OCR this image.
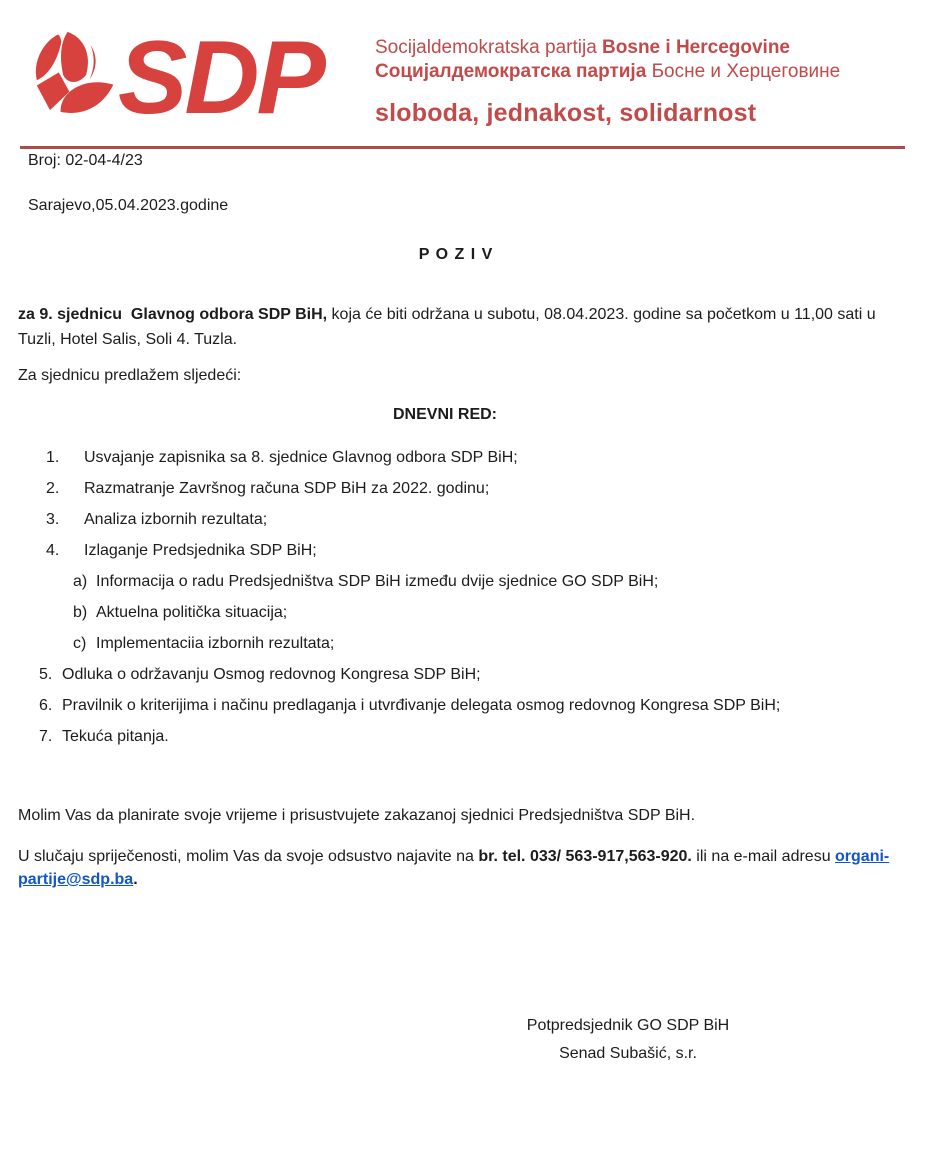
SDP	Socijaldemokratska partija Bosne i Hercegovine
Социјалдемократска партија Босне и Херцеговине
sloboda, jednakost, solidarnost

Broj: 02-04-4/23

Sarajevo,05.04.2023.godine

P O Z I V

za 9. sjednicu  Glavnog odbora SDP BiH, koja će biti održana u subotu, 08.04.2023. godine sa početkom u 11,00 sati u Tuzli, Hotel Salis, Soli 4. Tuzla.

Za sjednicu predlažem sljedeći:

DNEVNI RED:
1.	Usvajanje zapisnika sa 8. sjednice Glavnog odbora SDP BiH;
2.	Razmatranje Završnog računa SDP BiH za 2022. godinu;
3.	Analiza izbornih rezultata;
4.	Izlaganje Predsjednika SDP BiH;
a) Informacija o radu Predsjedništva SDP BiH između dvije sjednice GO SDP BiH;
b) Aktuelna politička situacija;
c) Implementaciia izbornih rezultata;
5. Odluka o održavanju Osmog redovnog Kongresa SDP BiH;
6. Pravilnik o kriterijima i načinu predlaganja i utvrđivanje delegata osmog redovnog Kongresa SDP BiH;
7. Tekuća pitanja.

Molim Vas da planirate svoje vrijeme i prisustvujete zakazanoj sjednici Predsjedništva SDP BiH.

U slučaju spriječenosti, molim Vas da svoje odsustvo najavite na br. tel. 033/ 563-917,563-920. ili na e-mail adresu organi-partije@sdp.ba.

Potpredsjednik GO SDP BiH

Senad Subašić, s.r.
